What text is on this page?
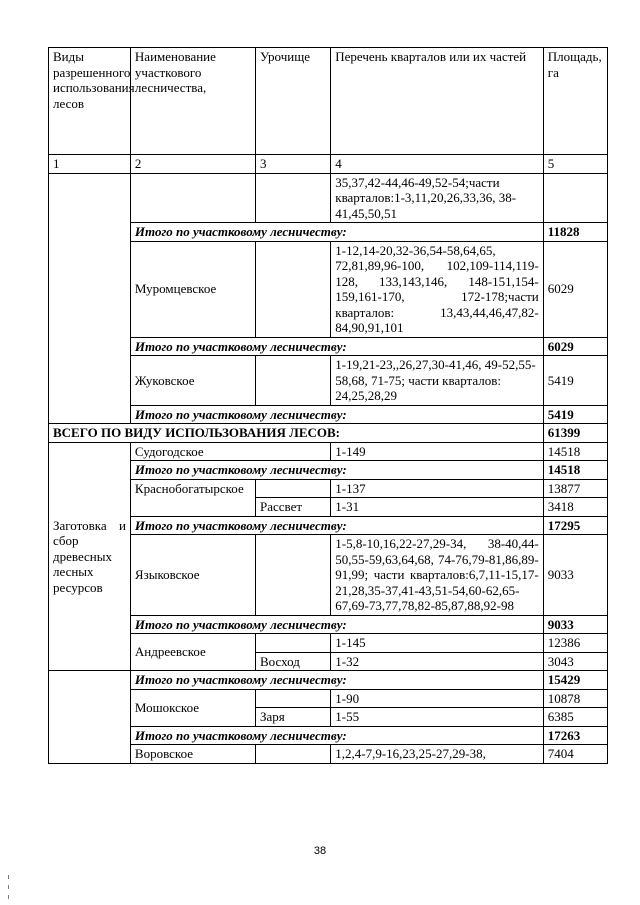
Виды разрешенного использования лесов	Наименование участкового лесничества,	Урочище	Перечень кварталов или их частей	Площадь, га
1	2	3	4	5
			35,37,42-44,46-49,52-54;части кварталов:1-3,11,20,26,33,36, 38-41,45,50,51	
	Итого по участковому лесничеству:			11828
	Муромцевское		1-12,14-20,32-36,54-58,64,65, 72,81,89,96-100, 102,109-114,119-128, 133,143,146, 148-151,154-159,161-170, 172-178;части кварталов: 13,43,44,46,47,82-84,90,91,101	6029
	Итого по участковому лесничеству:			6029
	Жуковское		1-19,21-23,,26,27,30-41,46, 49-52,55-58,68, 71-75; части кварталов: 24,25,28,29	5419
	Итого по участковому лесничеству:			5419
ВСЕГО ПО ВИДУ ИСПОЛЬЗОВАНИЯ ЛЕСОВ:				61399
Заготовка и сбор древесных лесных ресурсов	Судогодское		1-149	14518
	Итого по участковому лесничеству:			14518
	Краснобогатырское		1-137	13877
		Рассвет	1-31	3418
	Итого по участковому лесничеству:			17295
	Языковское		1-5,8-10,16,22-27,29-34, 38-40,44-50,55-59,63,64,68, 74-76,79-81,86,89-91,99; части кварталов:6,7,11-15,17-21,28,35-37,41-43,51-54,60-62,65-67,69-73,77,78,82-85,87,88,92-98	9033
	Итого по участковому лесничеству:			9033
	Андреевское		1-145	12386
		Восход	1-32	3043
	Итого по участковому лесничеству:			15429
	Мошокское		1-90	10878
		Заря	1-55	6385
	Итого по участковому лесничеству:			17263
	Воровское		1,2,4-7,9-16,23,25-27,29-38,	7404
38
